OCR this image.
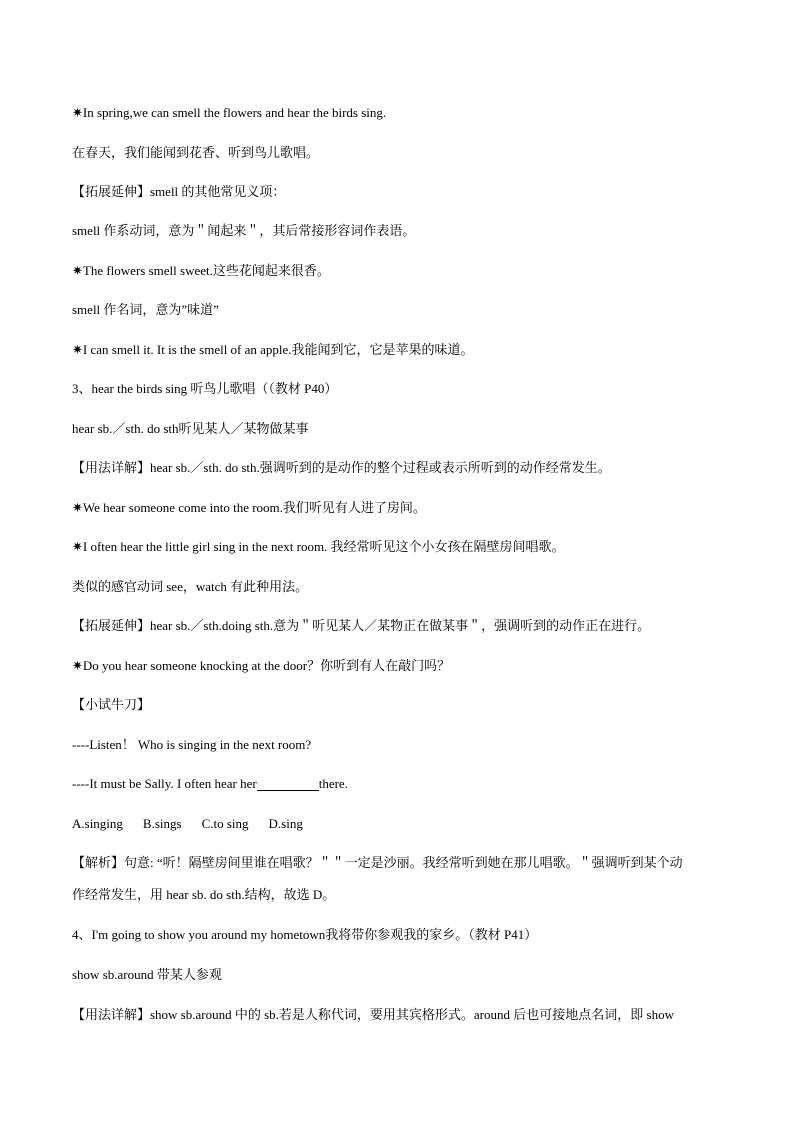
✷In spring,we can smell the flowers and hear the birds sing.
在春天，我们能闻到花香、听到鸟儿歌唱。
【拓展延伸】smell 的其他常见义项：
smell 作系动词，意为＂闻起来＂，其后常接形容词作表语。
✷The flowers smell sweet.这些花闻起来很香。
smell 作名词，意为”味道”
✷I can smell it. It is the smell of an apple.我能闻到它，它是苹果的味道。
3、hear the birds sing 听鸟儿歌唱（（教材 P40）
hear sb.／sth. do sth听见某人／某物做某事
【用法详解】hear sb.／sth. do sth.强调听到的是动作的整个过程或表示所听到的动作经常发生。
✷We hear someone come into the room.我们听见有人进了房间。
✷I often hear the little girl sing in the next room. 我经常听见这个小女孩在隔壁房间唱歌。
类似的感官动词 see，watch 有此种用法。
【拓展延伸】hear sb.／sth.doing sth.意为＂听见某人／某物正在做某事＂，强调听到的动作正在进行。
✷Do you hear someone knocking at the door？你听到有人在敲门吗？
【小试牛刀】
----Listen！ Who is singing in the next room?
----It must be Sally. I often hear her	there.
A.singing B.sings C.to sing D.sing
【解析】句意: “听！隔壁房间里谁在唱歌？＂＂一定是沙丽。我经常听到她在那儿唱歌。＂强调听到某个动
作经常发生，用 hear sb. do sth.结构，故选 D。
4、I'm going to show you around my hometown我将带你参观我的家乡。（教材 P41）
show sb.around 带某人参观
【用法详解】show sb.around 中的 sb.若是人称代词，要用其宾格形式。around 后也可接地点名词，即 show
